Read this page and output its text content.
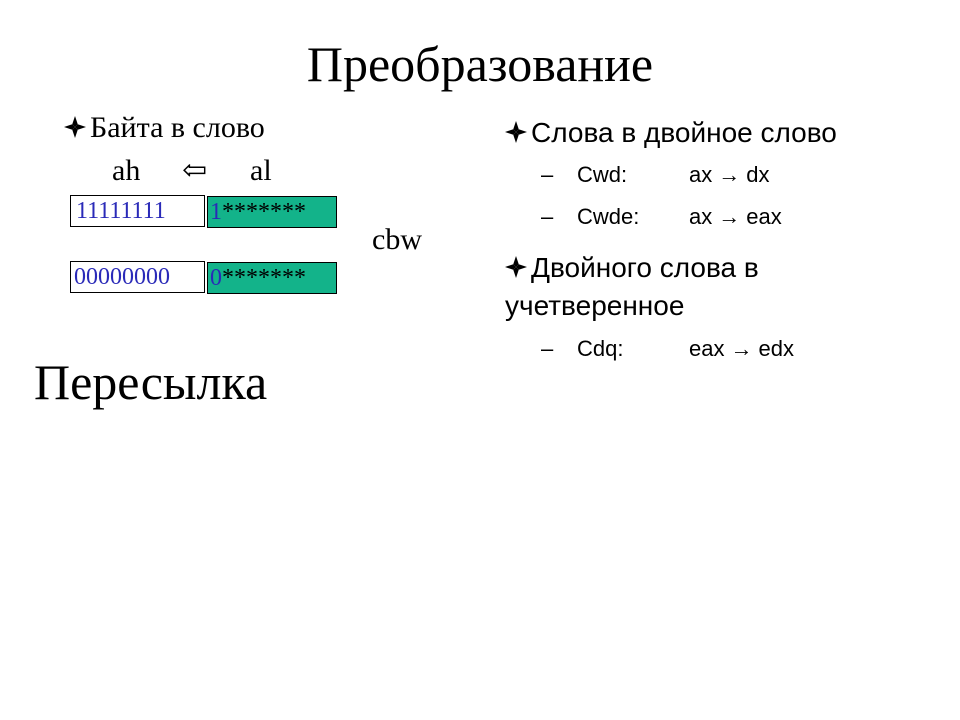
Преобразование
Байта в слово
ah ⇦ al
11111111 1*******
cbw
00000000 0*******
Слова в двойное слово
– Cwd:	ax → dx
– Cwde: ax → eax
Двойного слова в учетверенное
– Cdq:	eax → edx
Пересылка
